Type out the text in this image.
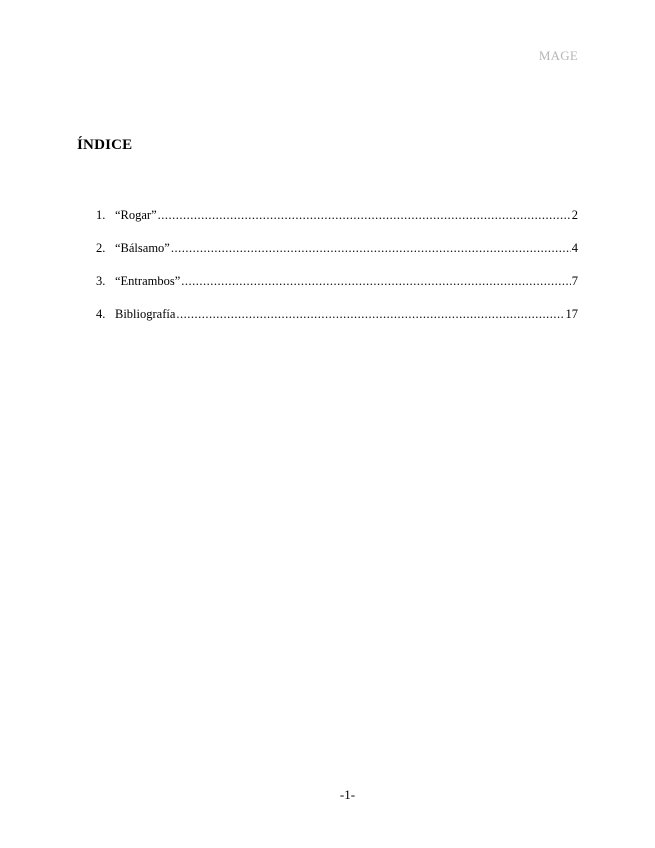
MAGE
ÍNDICE
1. “Rogar” .....	2
2. “Bálsamo” .....	4
3. “Entrambos” .....	7
4. Bibliografía .....	17
-1-
